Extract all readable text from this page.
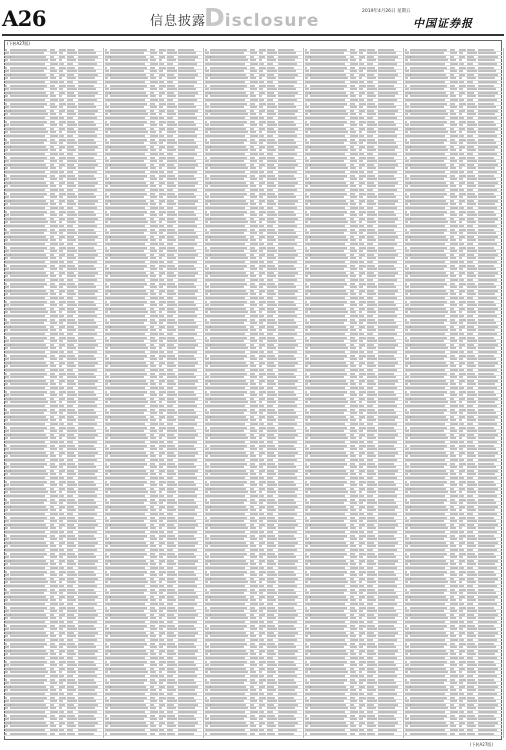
A26	信息披露
Disclosure	2019年4月26日 星期五
中国证券报
(下转A27版)
(下转A27版)
